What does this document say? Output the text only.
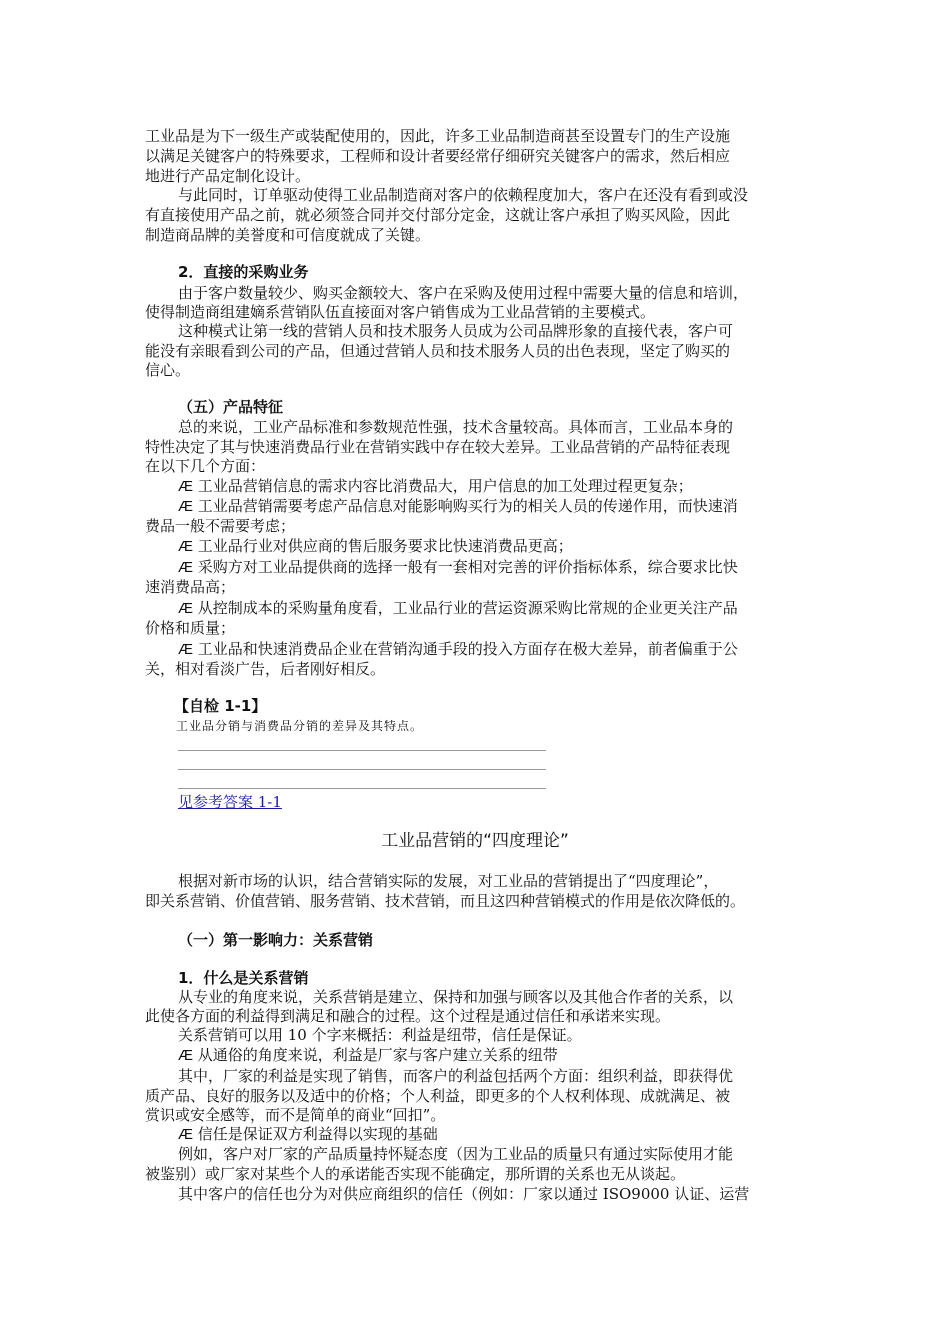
工业品是为下一级生产或装配使用的，因此，许多工业品制造商甚至设置专门的生产设施
以满足关键客户的特殊要求，工程师和设计者要经常仔细研究关键客户的需求，然后相应
地进行产品定制化设计。
与此同时，订单驱动使得工业品制造商对客户的依赖程度加大，客户在还没有看到或没
有直接使用产品之前，就必须签合同并交付部分定金，这就让客户承担了购买风险，因此
制造商品牌的美誉度和可信度就成了关键。
2．直接的采购业务
由于客户数量较少、购买金额较大、客户在采购及使用过程中需要大量的信息和培训，
使得制造商组建嫡系营销队伍直接面对客户销售成为工业品营销的主要模式。
这种模式让第一线的营销人员和技术服务人员成为公司品牌形象的直接代表，客户可
能没有亲眼看到公司的产品，但通过营销人员和技术服务人员的出色表现，坚定了购买的
信心。
（五）产品特征
总的来说，工业产品标准和参数规范性强，技术含量较高。具体而言，工业品本身的
特性决定了其与快速消费品行业在营销实践中存在较大差异。工业品营销的产品特征表现
在以下几个方面：
Æ 工业品营销信息的需求内容比消费品大，用户信息的加工处理过程更复杂；
Æ 工业品营销需要考虑产品信息对能影响购买行为的相关人员的传递作用，而快速消
费品一般不需要考虑；
Æ 工业品行业对供应商的售后服务要求比快速消费品更高；
Æ 采购方对工业品提供商的选择一般有一套相对完善的评价指标体系，综合要求比快
速消费品高；
Æ 从控制成本的采购量角度看，工业品行业的营运资源采购比常规的企业更关注产品
价格和质量；
Æ 工业品和快速消费品企业在营销沟通手段的投入方面存在极大差异，前者偏重于公
关，相对看淡广告，后者刚好相反。
【自检 1-1】
工业品分销与消费品分销的差异及其特点。
见参考答案 1-1
工业品营销的“四度理论”
根据对新市场的认识，结合营销实际的发展，对工业品的营销提出了“四度理论”，
即关系营销、价值营销、服务营销、技术营销，而且这四种营销模式的作用是依次降低的。
（一）第一影响力：关系营销
1．什么是关系营销
从专业的角度来说，关系营销是建立、保持和加强与顾客以及其他合作者的关系，以
此使各方面的利益得到满足和融合的过程。这个过程是通过信任和承诺来实现。
关系营销可以用 10 个字来概括：利益是纽带，信任是保证。
Æ 从通俗的角度来说，利益是厂家与客户建立关系的纽带
其中，厂家的利益是实现了销售，而客户的利益包括两个方面：组织利益，即获得优
质产品、良好的服务以及适中的价格；个人利益，即更多的个人权利体现、成就满足、被
赏识或安全感等，而不是简单的商业“回扣”。
Æ 信任是保证双方利益得以实现的基础
例如，客户对厂家的产品质量持怀疑态度（因为工业品的质量只有通过实际使用才能
被鉴别）或厂家对某些个人的承诺能否实现不能确定，那所谓的关系也无从谈起。
其中客户的信任也分为对供应商组织的信任（例如：厂家以通过 ISO9000 认证、运营
